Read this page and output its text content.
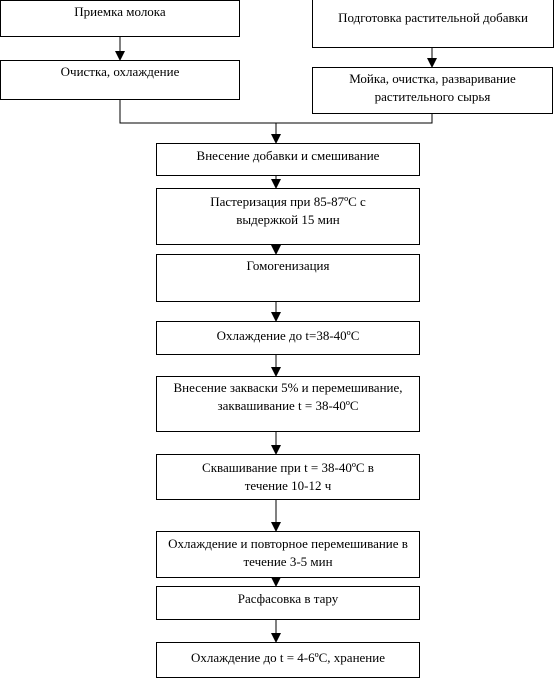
Приемка молока	Подготовка растительной добавки
Очистка, охлаждение	Мойка, очистка, разваривание растительного сырья
Внесение добавки и смешивание
Пастеризация при 85-87ºС с выдержкой 15 мин
Гомогенизация
Охлаждение до t=38-40ºС
Внесение закваски 5% и перемешивание, заквашивание t = 38-40ºС
Сквашивание при t = 38-40ºС в течение 10-12 ч
Охлаждение и повторное перемешивание в течение 3-5 мин
Расфасовка в тару
Охлаждение до t = 4-6ºС, хранение
